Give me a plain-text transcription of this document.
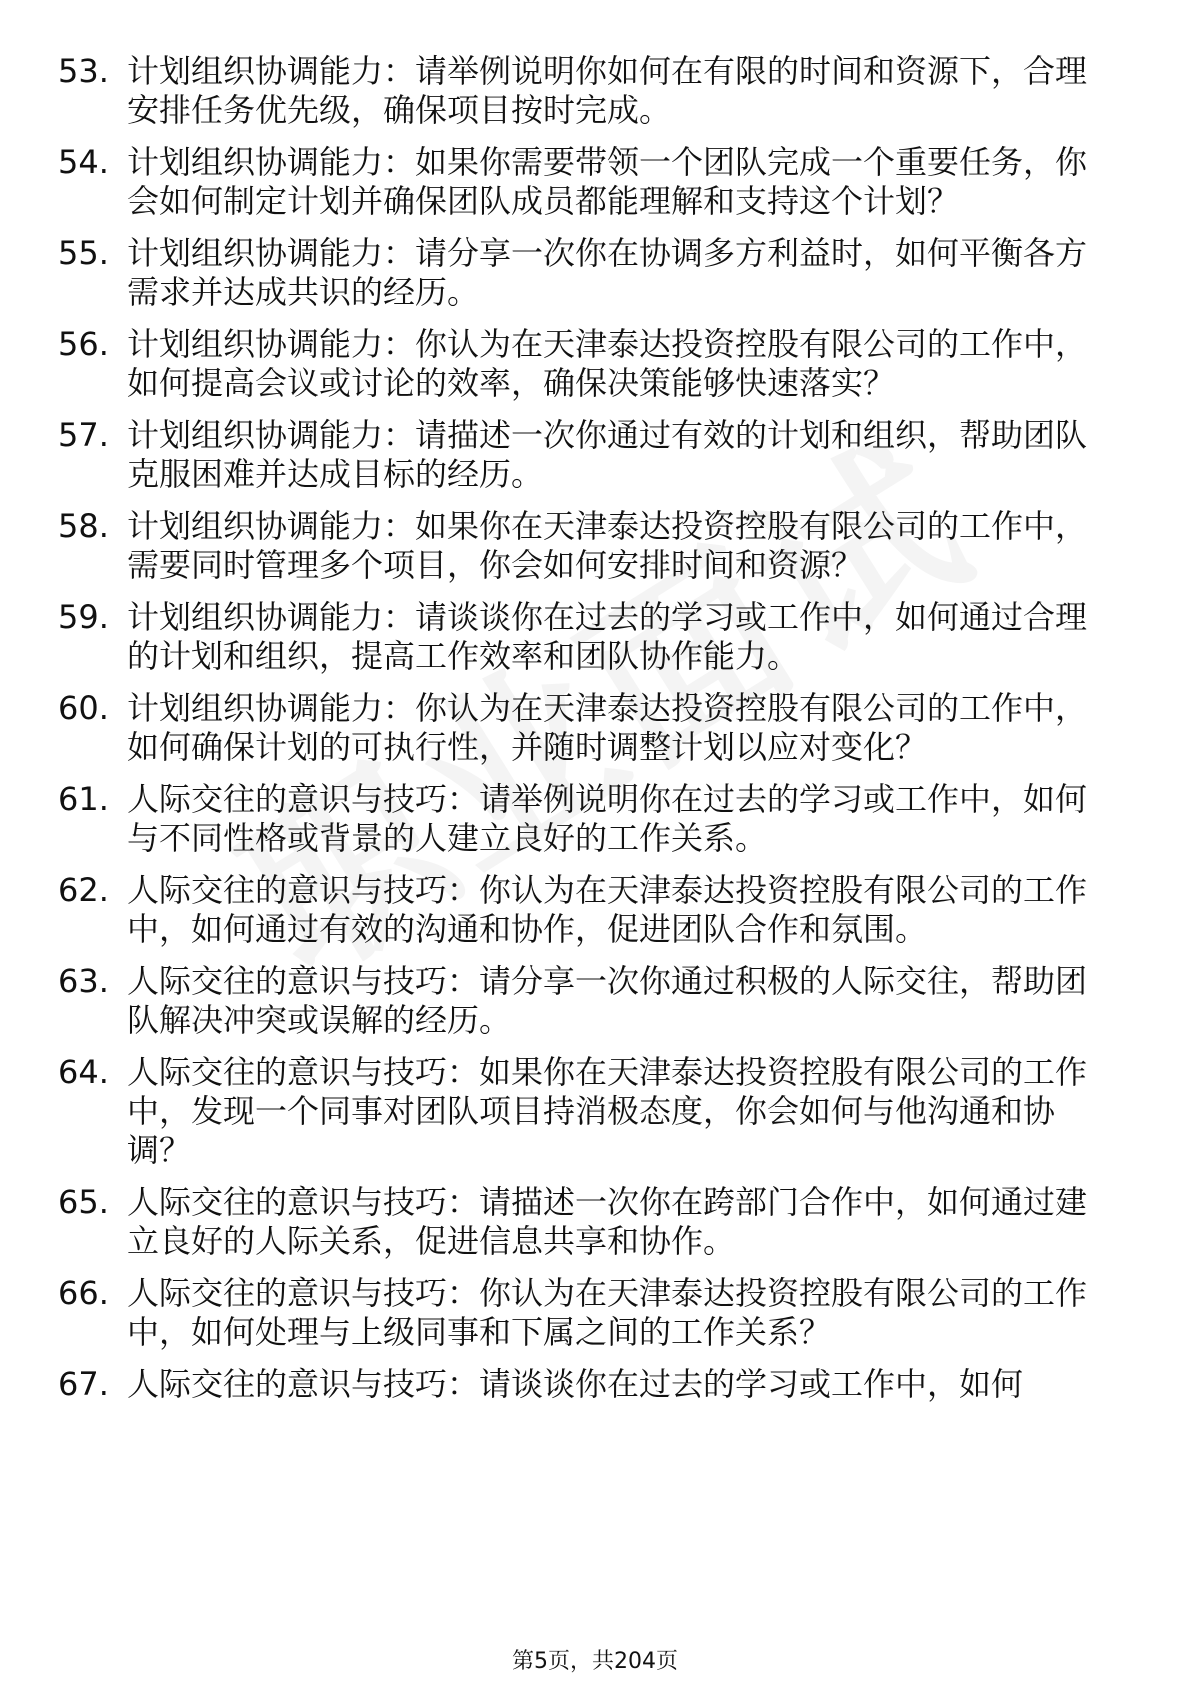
53. 计划组织协调能力：请举例说明你如何在有限的时间和资源下，合理安排任务优先级，确保项目按时完成。
54. 计划组织协调能力：如果你需要带领一个团队完成一个重要任务，你会如何制定计划并确保团队成员都能理解和支持这个计划？
55. 计划组织协调能力：请分享一次你在协调多方利益时，如何平衡各方需求并达成共识的经历。
56. 计划组织协调能力：你认为在天津泰达投资控股有限公司的工作中，如何提高会议或讨论的效率，确保决策能够快速落实？
57. 计划组织协调能力：请描述一次你通过有效的计划和组织，帮助团队克服困难并达成目标的经历。
58. 计划组织协调能力：如果你在天津泰达投资控股有限公司的工作中，需要同时管理多个项目，你会如何安排时间和资源？
59. 计划组织协调能力：请谈谈你在过去的学习或工作中，如何通过合理的计划和组织，提高工作效率和团队协作能力。
60. 计划组织协调能力：你认为在天津泰达投资控股有限公司的工作中，如何确保计划的可执行性，并随时调整计划以应对变化？
61. 人际交往的意识与技巧：请举例说明你在过去的学习或工作中，如何与不同性格或背景的人建立良好的工作关系。
62. 人际交往的意识与技巧：你认为在天津泰达投资控股有限公司的工作中，如何通过有效的沟通和协作，促进团队合作和氛围。
63. 人际交往的意识与技巧：请分享一次你通过积极的人际交往，帮助团队解决冲突或误解的经历。
64. 人际交往的意识与技巧：如果你在天津泰达投资控股有限公司的工作中，发现一个同事对团队项目持消极态度，你会如何与他沟通和协调？
65. 人际交往的意识与技巧：请描述一次你在跨部门合作中，如何通过建立良好的人际关系，促进信息共享和协作。
66. 人际交往的意识与技巧：你认为在天津泰达投资控股有限公司的工作中，如何处理与上级同事和下属之间的工作关系？
67. 人际交往的意识与技巧：请谈谈你在过去的学习或工作中，如何
第5页，共204页
